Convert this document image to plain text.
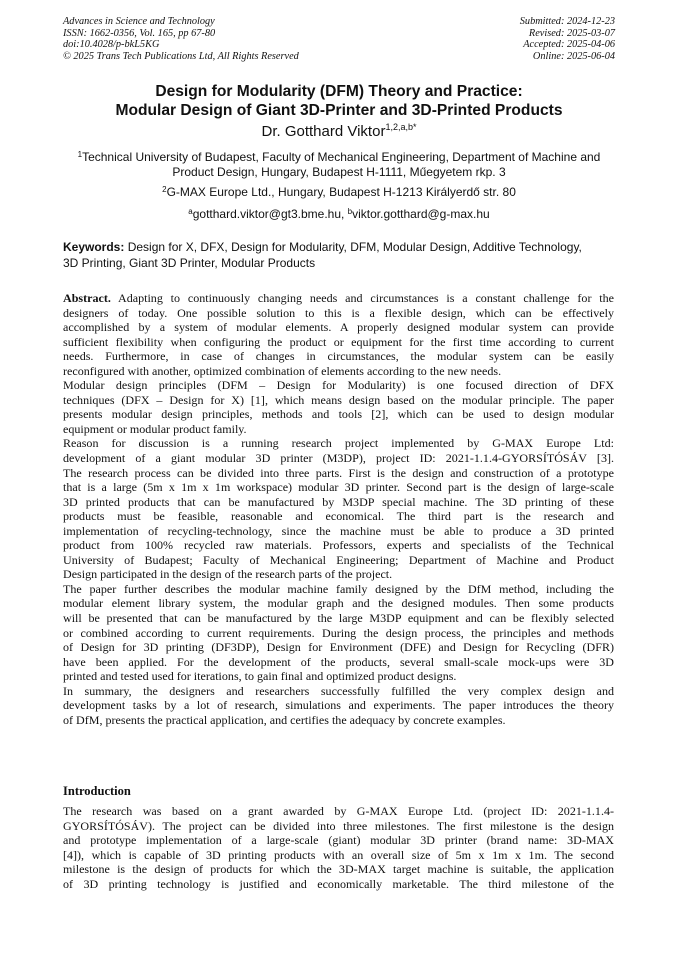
Advances in Science and Technology
ISSN: 1662-0356, Vol. 165, pp 67-80
doi:10.4028/p-bkL5KG
© 2025 Trans Tech Publications Ltd, All Rights Reserved
Submitted: 2024-12-23
Revised: 2025-03-07
Accepted: 2025-04-06
Online: 2025-06-04
Design for Modularity (DFM) Theory and Practice:
Modular Design of Giant 3D-Printer and 3D-Printed Products
Dr. Gotthard Viktor$^{1,2,a,b*}$
$^1$Technical University of Budapest, Faculty of Mechanical Engineering, Department of Machine and
Product Design, Hungary, Budapest H-1111, Műegyetem rkp. 3
$^2$G-MAX Europe Ltd., Hungary, Budapest H-1213 Királyerdő str. 80
$^a$gotthard.viktor@gt3.bme.hu, $^b$viktor.gotthard@g-max.hu
Keywords: Design for X, DFX, Design for Modularity, DFM, Modular Design, Additive Technology,
3D Printing, Giant 3D Printer, Modular Products
Abstract. Adapting to continuously changing needs and circumstances is a constant challenge for the
designers of today. One possible solution to this is a flexible design, which can be effectively
accomplished by a system of modular elements. A properly designed modular system can provide
sufficient flexibility when configuring the product or equipment for the first time according to current
needs. Furthermore, in case of changes in circumstances, the modular system can be easily
reconfigured with another, optimized combination of elements according to the new needs.
Modular design principles (DFM – Design for Modularity) is one focused direction of DFX
techniques (DFX – Design for X) [1], which means design based on the modular principle. The paper
presents modular design principles, methods and tools [2], which can be used to design modular
equipment or modular product family.
Reason for discussion is a running research project implemented by G-MAX Europe Ltd:
development of a giant modular 3D printer (M3DP), project ID: 2021-1.1.4-GYORSÍTÓSÁV [3].
The research process can be divided into three parts. First is the design and construction of a prototype
that is a large (5m x 1m x 1m workspace) modular 3D printer. Second part is the design of large-scale
3D printed products that can be manufactured by M3DP special machine. The 3D printing of these
products must be feasible, reasonable and economical. The third part is the research and
implementation of recycling-technology, since the machine must be able to produce a 3D printed
product from 100% recycled raw materials. Professors, experts and specialists of the Technical
University of Budapest; Faculty of Mechanical Engineering; Department of Machine and Product
Design participated in the design of the research parts of the project.
The paper further describes the modular machine family designed by the DfM method, including the
modular element library system, the modular graph and the designed modules. Then some products
will be presented that can be manufactured by the large M3DP equipment and can be flexibly selected
or combined according to current requirements. During the design process, the principles and methods
of Design for 3D printing (DF3DP), Design for Environment (DFE) and Design for Recycling (DFR)
have been applied. For the development of the products, several small-scale mock-ups were 3D
printed and tested used for iterations, to gain final and optimized product designs.
In summary, the designers and researchers successfully fulfilled the very complex design and
development tasks by a lot of research, simulations and experiments. The paper introduces the theory
of DfM, presents the practical application, and certifies the adequacy by concrete examples.
Introduction
The research was based on a grant awarded by G-MAX Europe Ltd. (project ID: 2021-1.1.4-
GYORSÍTÓSÁV). The project can be divided into three milestones. The first milestone is the design
and prototype implementation of a large-scale (giant) modular 3D printer (brand name: 3D-MAX
[4]), which is capable of 3D printing products with an overall size of 5m x 1m x 1m. The second
milestone is the design of products for which the 3D-MAX target machine is suitable, the application
of 3D printing technology is justified and economically marketable. The third milestone of the
